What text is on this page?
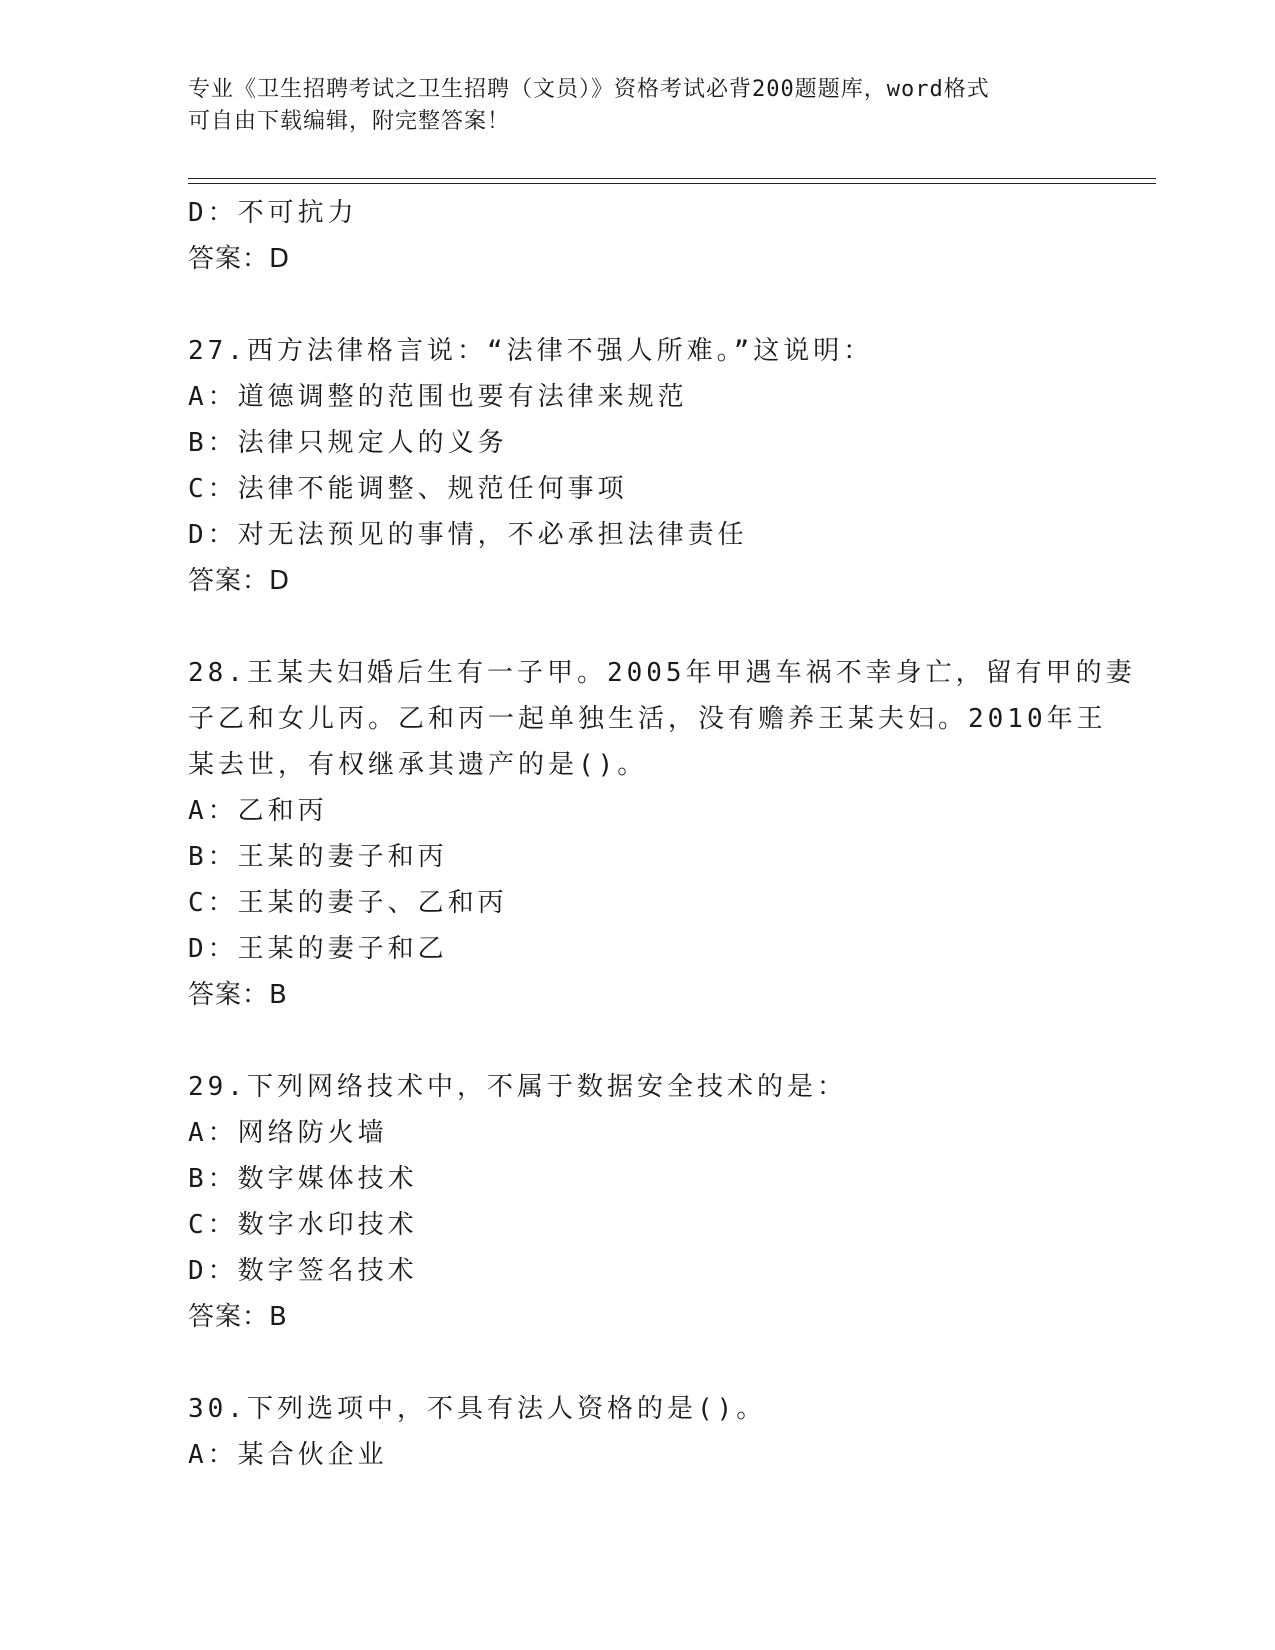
专业《卫生招聘考试之卫生招聘（文员）》资格考试必背200题题库，word格式
可自由下载编辑，附完整答案！
D：不可抗力
答案：D
27.西方法律格言说：“法律不强人所难。”这说明：
A：道德调整的范围也要有法律来规范
B：法律只规定人的义务
C：法律不能调整、规范任何事项
D：对无法预见的事情，不必承担法律责任
答案：D
28.王某夫妇婚后生有一子甲。2005年甲遇车祸不幸身亡，留有甲的妻
子乙和女儿丙。乙和丙一起单独生活，没有赡养王某夫妇。2010年王
某去世，有权继承其遗产的是()。
A：乙和丙
B：王某的妻子和丙
C：王某的妻子、乙和丙
D：王某的妻子和乙
答案：B
29.下列网络技术中，不属于数据安全技术的是：
A：网络防火墙
B：数字媒体技术
C：数字水印技术
D：数字签名技术
答案：B
30.下列选项中，不具有法人资格的是()。
A：某合伙企业
